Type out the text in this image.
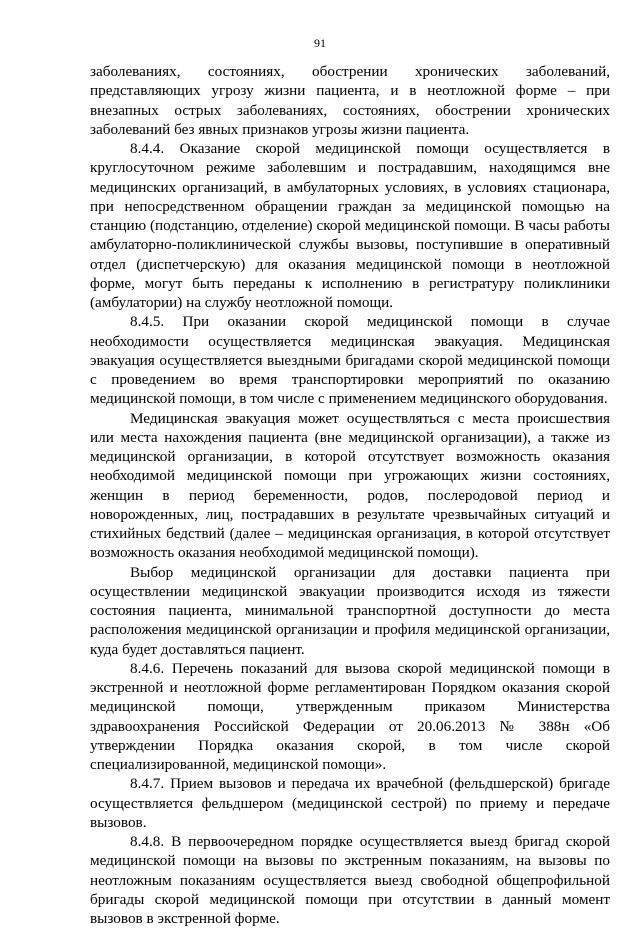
91

заболеваниях, состояниях, обострении хронических заболеваний, представляющих угрозу жизни пациента, и в неотложной форме – при внезапных острых заболеваниях, состояниях, обострении хронических заболеваний без явных признаков угрозы жизни пациента.

8.4.4. Оказание скорой медицинской помощи осуществляется в круглосуточном режиме заболевшим и пострадавшим, находящимся вне медицинских организаций, в амбулаторных условиях, в условиях стационара, при непосредственном обращении граждан за медицинской помощью на станцию (подстанцию, отделение) скорой медицинской помощи. В часы работы амбулаторно-поликлинической службы вызовы, поступившие в оперативный отдел (диспетчерскую) для оказания медицинской помощи в неотложной форме, могут быть переданы к исполнению в регистратуру поликлиники (амбулатории) на службу неотложной помощи.

8.4.5. При оказании скорой медицинской помощи в случае необходимости осуществляется медицинская эвакуация. Медицинская эвакуация осуществляется выездными бригадами скорой медицинской помощи с проведением во время транспортировки мероприятий по оказанию медицинской помощи, в том числе с применением медицинского оборудования.

Медицинская эвакуация может осуществляться с места происшествия или места нахождения пациента (вне медицинской организации), а также из медицинской организации, в которой отсутствует возможность оказания необходимой медицинской помощи при угрожающих жизни состояниях, женщин в период беременности, родов, послеродовой период и новорожденных, лиц, пострадавших в результате чрезвычайных ситуаций и стихийных бедствий (далее – медицинская организация, в которой отсутствует возможность оказания необходимой медицинской помощи).

Выбор медицинской организации для доставки пациента при осуществлении медицинской эвакуации производится исходя из тяжести состояния пациента, минимальной транспортной доступности до места расположения медицинской организации и профиля медицинской организации, куда будет доставляться пациент.

8.4.6. Перечень показаний для вызова скорой медицинской помощи в экстренной и неотложной форме регламентирован Порядком оказания скорой медицинской помощи, утвержденным приказом Министерства здравоохранения Российской Федерации от 20.06.2013 № 388н «Об утверждении Порядка оказания скорой, в том числе скорой специализированной, медицинской помощи».

8.4.7. Прием вызовов и передача их врачебной (фельдшерской) бригаде осуществляется фельдшером (медицинской сестрой) по приему и передаче вызовов.

8.4.8. В первоочередном порядке осуществляется выезд бригад скорой медицинской помощи на вызовы по экстренным показаниям, на вызовы по неотложным показаниям осуществляется выезд свободной общепрофильной бригады скорой медицинской помощи при отсутствии в данный момент вызовов в экстренной форме.
